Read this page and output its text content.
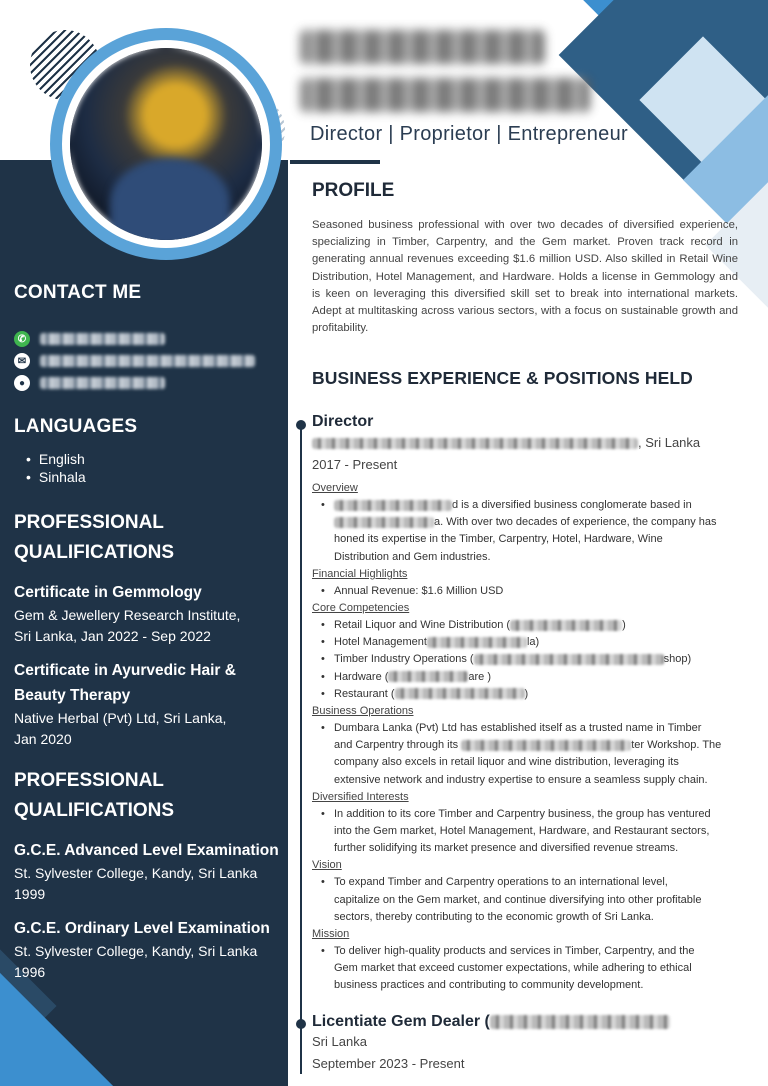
Director | Proprietor | Entrepreneur
CONTACT ME
✆
✉
●
LANGUAGES
• English
• Sinhala
PROFESSIONAL
QUALIFICATIONS
Certificate in Gemmology
Gem & Jewellery Research Institute,
Sri Lanka, Jan 2022 - Sep 2022
Certificate in Ayurvedic Hair &
Beauty Therapy
Native Herbal (Pvt) Ltd, Sri Lanka,
Jan 2020
PROFESSIONAL
QUALIFICATIONS
G.C.E. Advanced Level Examination
St. Sylvester College, Kandy, Sri Lanka
1999
G.C.E. Ordinary Level Examination
St. Sylvester College, Kandy, Sri Lanka
1996
PROFILE
Seasoned business professional with over two decades of diversified experience, specializing in Timber, Carpentry, and the Gem market. Proven track record in generating annual revenues exceeding $1.6 million USD. Also skilled in Retail Wine Distribution, Hotel Management, and Hardware. Holds a license in Gemmology and is keen on leveraging this diversified skill set to break into international markets. Adept at multitasking across various sectors, with a focus on sustainable growth and profitability.
BUSINESS EXPERIENCE & POSITIONS HELD
Director
, Sri Lanka
2017 - Present
Overview
• d is a diversified business conglomerate based in
a. With over two decades of experience, the company has
honed its expertise in the Timber, Carpentry, Hotel, Hardware, Wine
Distribution and Gem industries.
Financial Highlights
• Annual Revenue: $1.6 Million USD
Core Competencies
• Retail Liquor and Wine Distribution (	)
• Hotel Management	la)
• Timber Industry Operations (	shop)
• Hardware (	are )
• Restaurant (	)
Business Operations
• Dumbara Lanka (Pvt) Ltd has established itself as a trusted name in Timber
and Carpentry through its	ter Workshop. The
company also excels in retail liquor and wine distribution, leveraging its
extensive network and industry expertise to ensure a seamless supply chain.
Diversified Interests
• In addition to its core Timber and Carpentry business, the group has ventured
into the Gem market, Hotel Management, Hardware, and Restaurant sectors,
further solidifying its market presence and diversified revenue streams.
Vision
• To expand Timber and Carpentry operations to an international level,
capitalize on the Gem market, and continue diversifying into other profitable
sectors, thereby contributing to the economic growth of Sri Lanka.
Mission
• To deliver high-quality products and services in Timber, Carpentry, and the
Gem market that exceed customer expectations, while adhering to ethical
business practices and contributing to community development.
Licentiate Gem Dealer (
Sri Lanka
September 2023 - Present
